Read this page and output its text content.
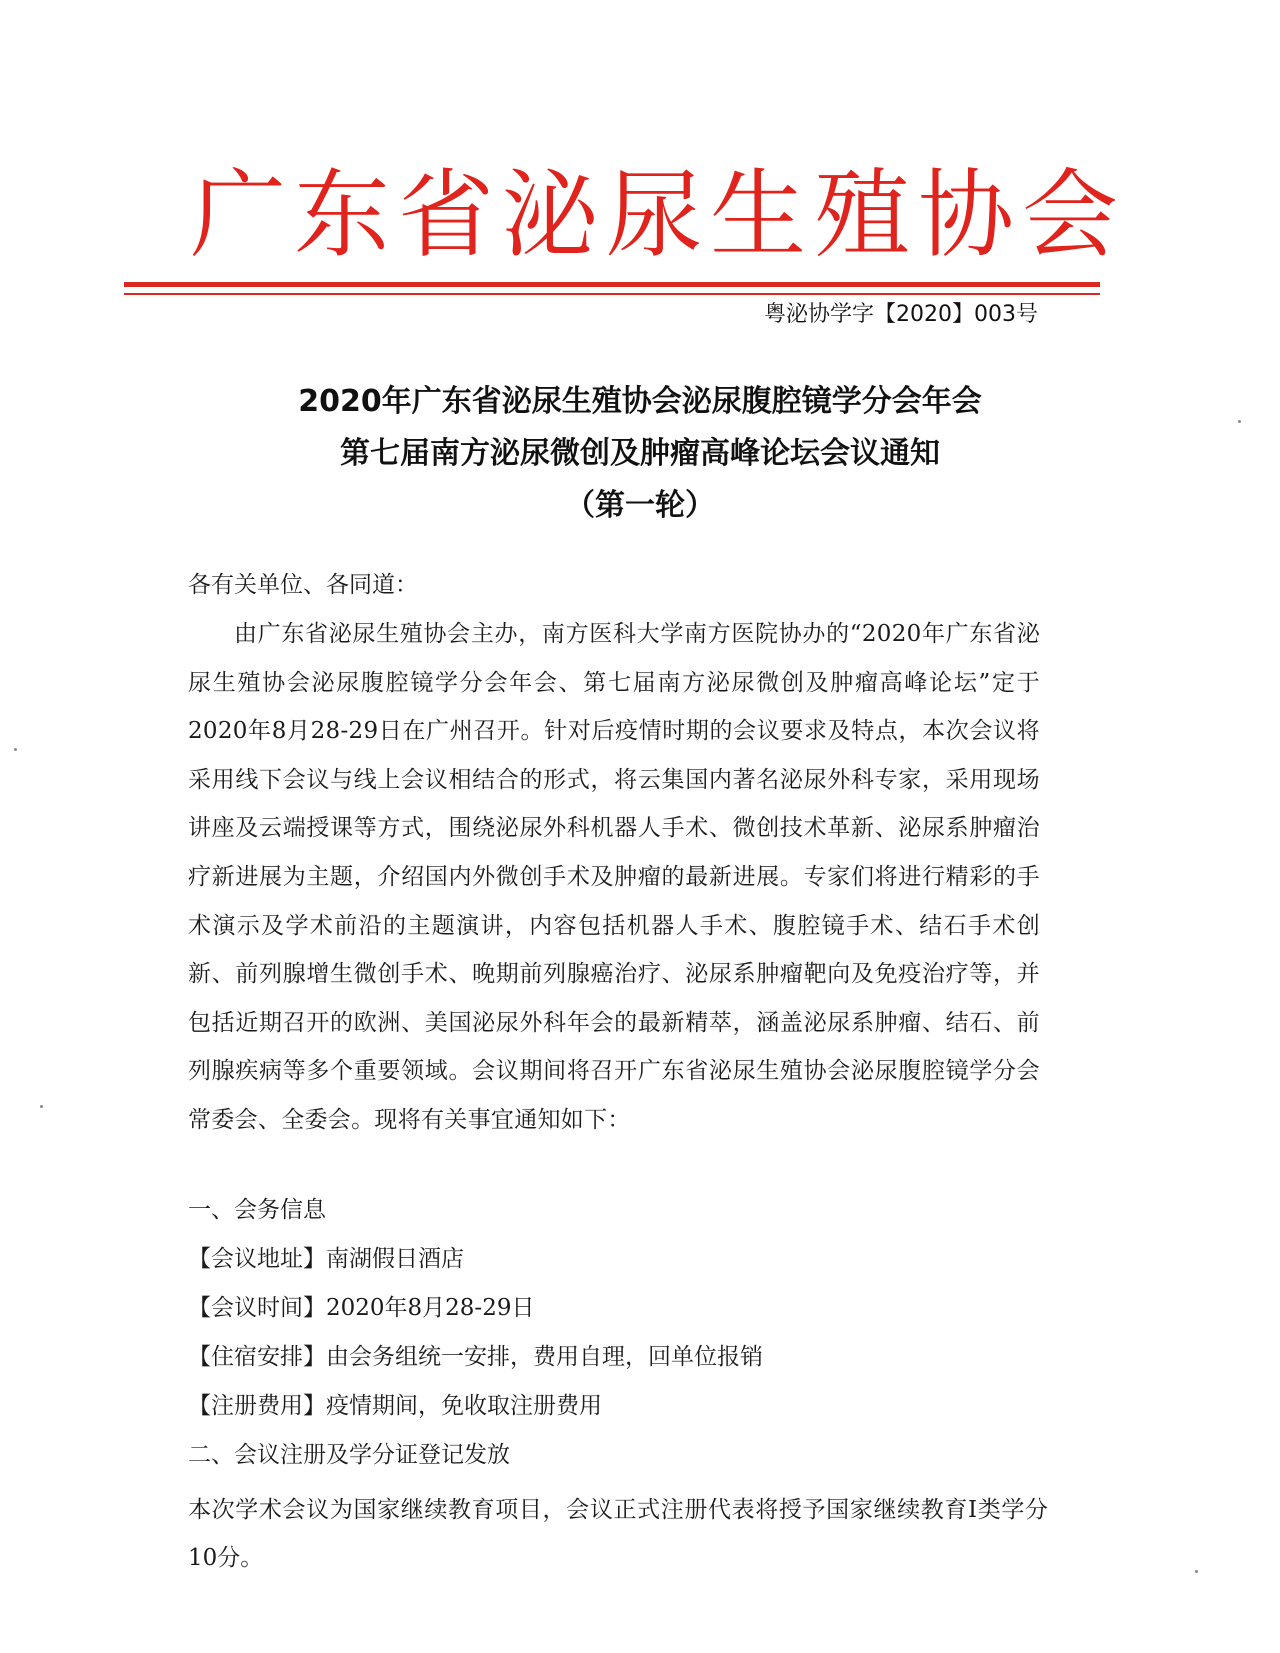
广东省泌尿生殖协会
粤泌协学字【2020】003号
2020年广东省泌尿生殖协会泌尿腹腔镜学分会年会
第七届南方泌尿微创及肿瘤高峰论坛会议通知
（第一轮）
各有关单位、各同道：
由广东省泌尿生殖协会主办，南方医科大学南方医院协办的“2020年广东省泌尿生殖协会泌尿腹腔镜学分会年会、第七届南方泌尿微创及肿瘤高峰论坛”定于2020年8月28-29日在广州召开。针对后疫情时期的会议要求及特点，本次会议将采用线下会议与线上会议相结合的形式，将云集国内著名泌尿外科专家，采用现场讲座及云端授课等方式，围绕泌尿外科机器人手术、微创技术革新、泌尿系肿瘤治疗新进展为主题，介绍国内外微创手术及肿瘤的最新进展。专家们将进行精彩的手术演示及学术前沿的主题演讲，内容包括机器人手术、腹腔镜手术、结石手术创新、前列腺增生微创手术、晚期前列腺癌治疗、泌尿系肿瘤靶向及免疫治疗等，并包括近期召开的欧洲、美国泌尿外科年会的最新精萃，涵盖泌尿系肿瘤、结石、前列腺疾病等多个重要领域。会议期间将召开广东省泌尿生殖协会泌尿腹腔镜学分会常委会、全委会。现将有关事宜通知如下：
一、会务信息
【会议地址】南湖假日酒店
【会议时间】2020年8月28-29日
【住宿安排】由会务组统一安排，费用自理，回单位报销
【注册费用】疫情期间，免收取注册费用
二、会议注册及学分证登记发放
本次学术会议为国家继续教育项目，会议正式注册代表将授予国家继续教育Ⅰ类学分10分。
